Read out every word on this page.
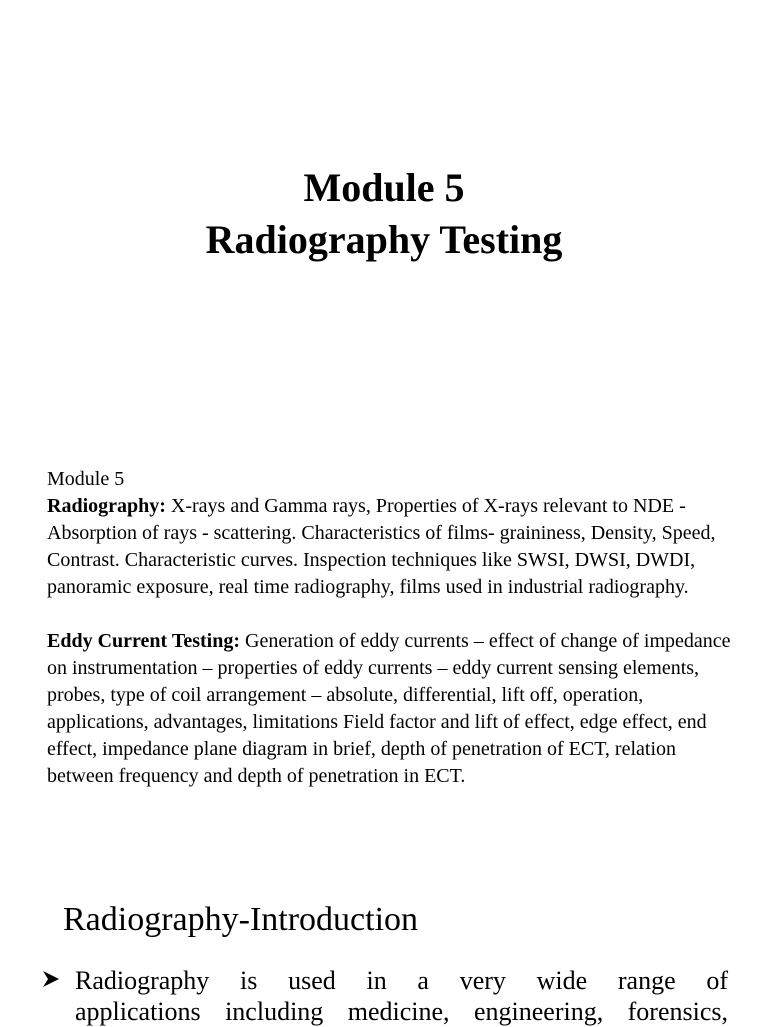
Module 5
Radiography Testing
Module 5
Radiography: X-rays and Gamma rays, Properties of X-rays relevant to NDE - Absorption of rays - scattering. Characteristics of films- graininess, Density, Speed, Contrast. Characteristic curves. Inspection techniques like SWSI, DWSI, DWDI, panoramic exposure, real time radiography, films used in industrial radiography.
Eddy Current Testing: Generation of eddy currents – effect of change of impedance on instrumentation – properties of eddy currents – eddy current sensing elements, probes, type of coil arrangement – absolute, differential, lift off, operation, applications, advantages, limitations Field factor and lift of effect, edge effect, end effect, impedance plane diagram in brief, depth of penetration of ECT, relation between frequency and depth of penetration in ECT.
Radiography-Introduction
Radiography is used in a very wide range of
applications including medicine, engineering, forensics,
